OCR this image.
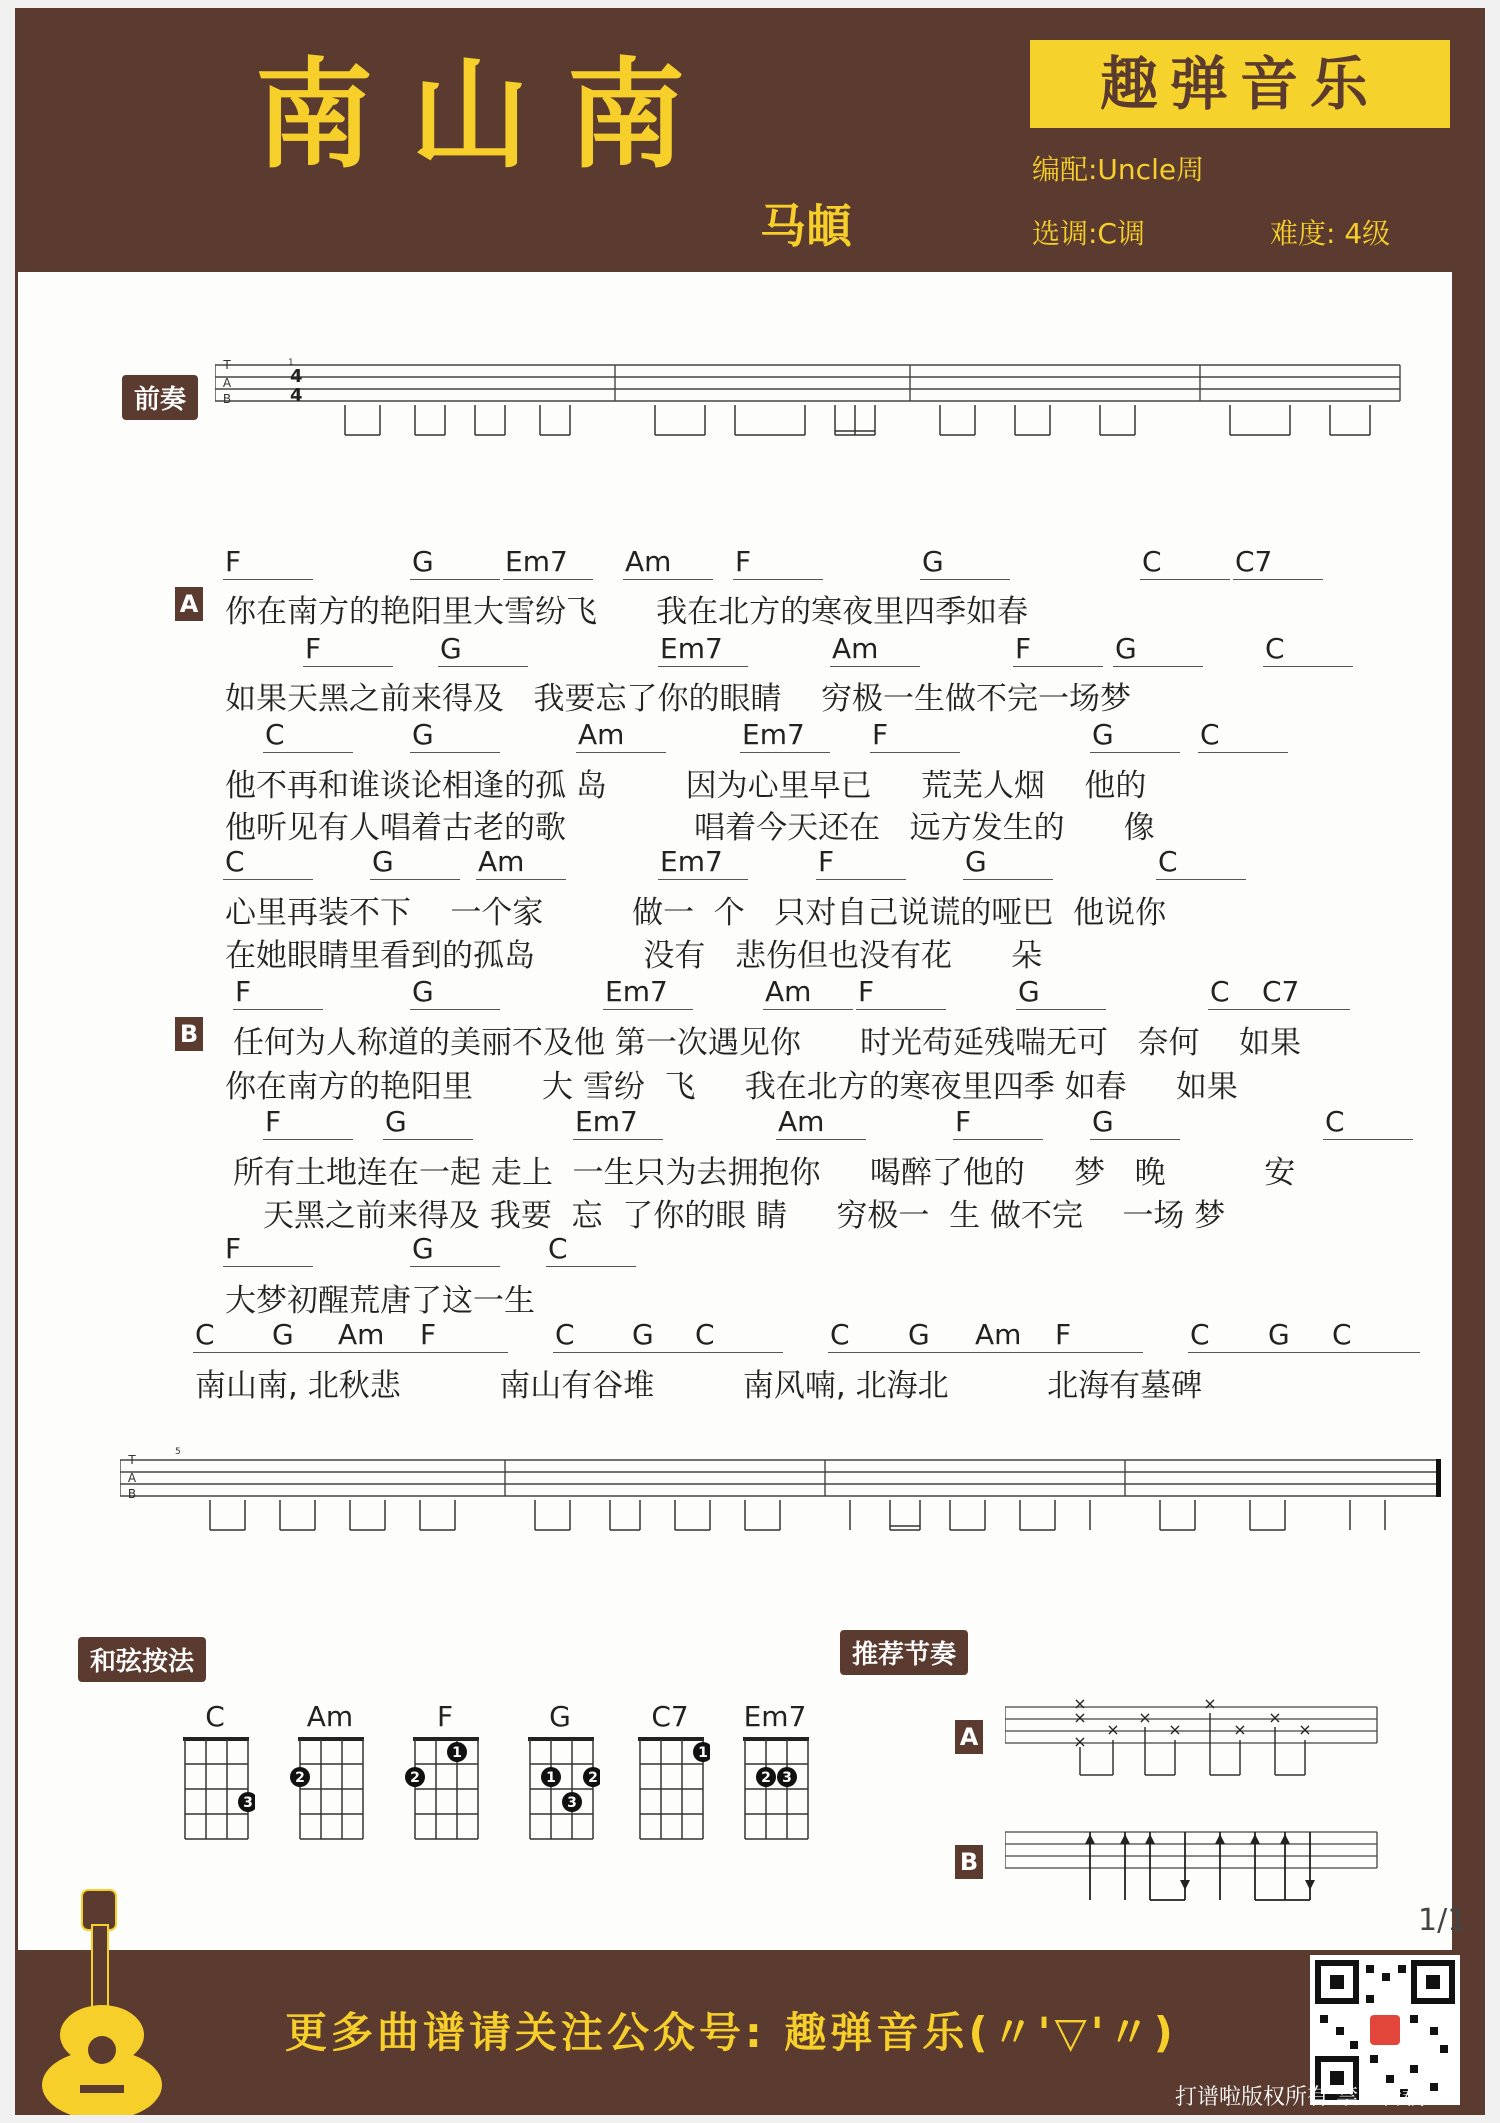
南山南
马頔
趣弹音乐
编配:Uncle周
选调:C调	难度: 4级
前奏
T
A
B
1
4
4
A
B
你在南方的艳阳里大雪纷飞      我在北方的寒夜里四季如春
如果天黑之前来得及   我要忘了你的眼睛    穷极一生做不完一场梦
他不再和谁谈论相逢的孤 岛        因为心里早已     荒芜人烟    他的
他听见有人唱着古老的歌             唱着今天还在   远方发生的      像
心里再装不下    一个家         做一  个   只对自己说谎的哑巴  他说你
在她眼睛里看到的孤岛           没有   悲伤但也没有花      朵
任何为人称道的美丽不及他 第一次遇见你      时光苟延残喘无可   奈何    如果
你在南方的艳阳里       大 雪纷  飞     我在北方的寒夜里四季 如春     如果
所有土地连在一起 走上  一生只为去拥抱你     喝醉了他的     梦   晚          安
天黑之前来得及 我要  忘  了你的眼 睛     穷极一  生 做不完    一场 梦
大梦初醒荒唐了这一生
南山南, 北秋悲          南山有谷堆         南风喃, 北海北          北海有墓碑
F	G	Em7 Am F	G	C	C7
F	G	Em7	Am	F	G	C
C	G	Am	Em7 F	G	C
C	G	Am	Em7	F	G	C
F	G	Em7	Am F	G	C C7
F	G	Em7	Am	F	G	C
F	G	C
C G Am F	C G C	C G Am F	C G C
T
A
B
5
和弦按法	推荐节奏
C
3
Am
2
F
2
1
G
1 2
3
C7
1
Em7
2 3
A
×
×
×
×
×
×
×
×
×
×
B
1/1
更多曲谱请关注公众号: 趣弹音乐(〃'▽'〃)
打谱啦版权所有 禁止转载
